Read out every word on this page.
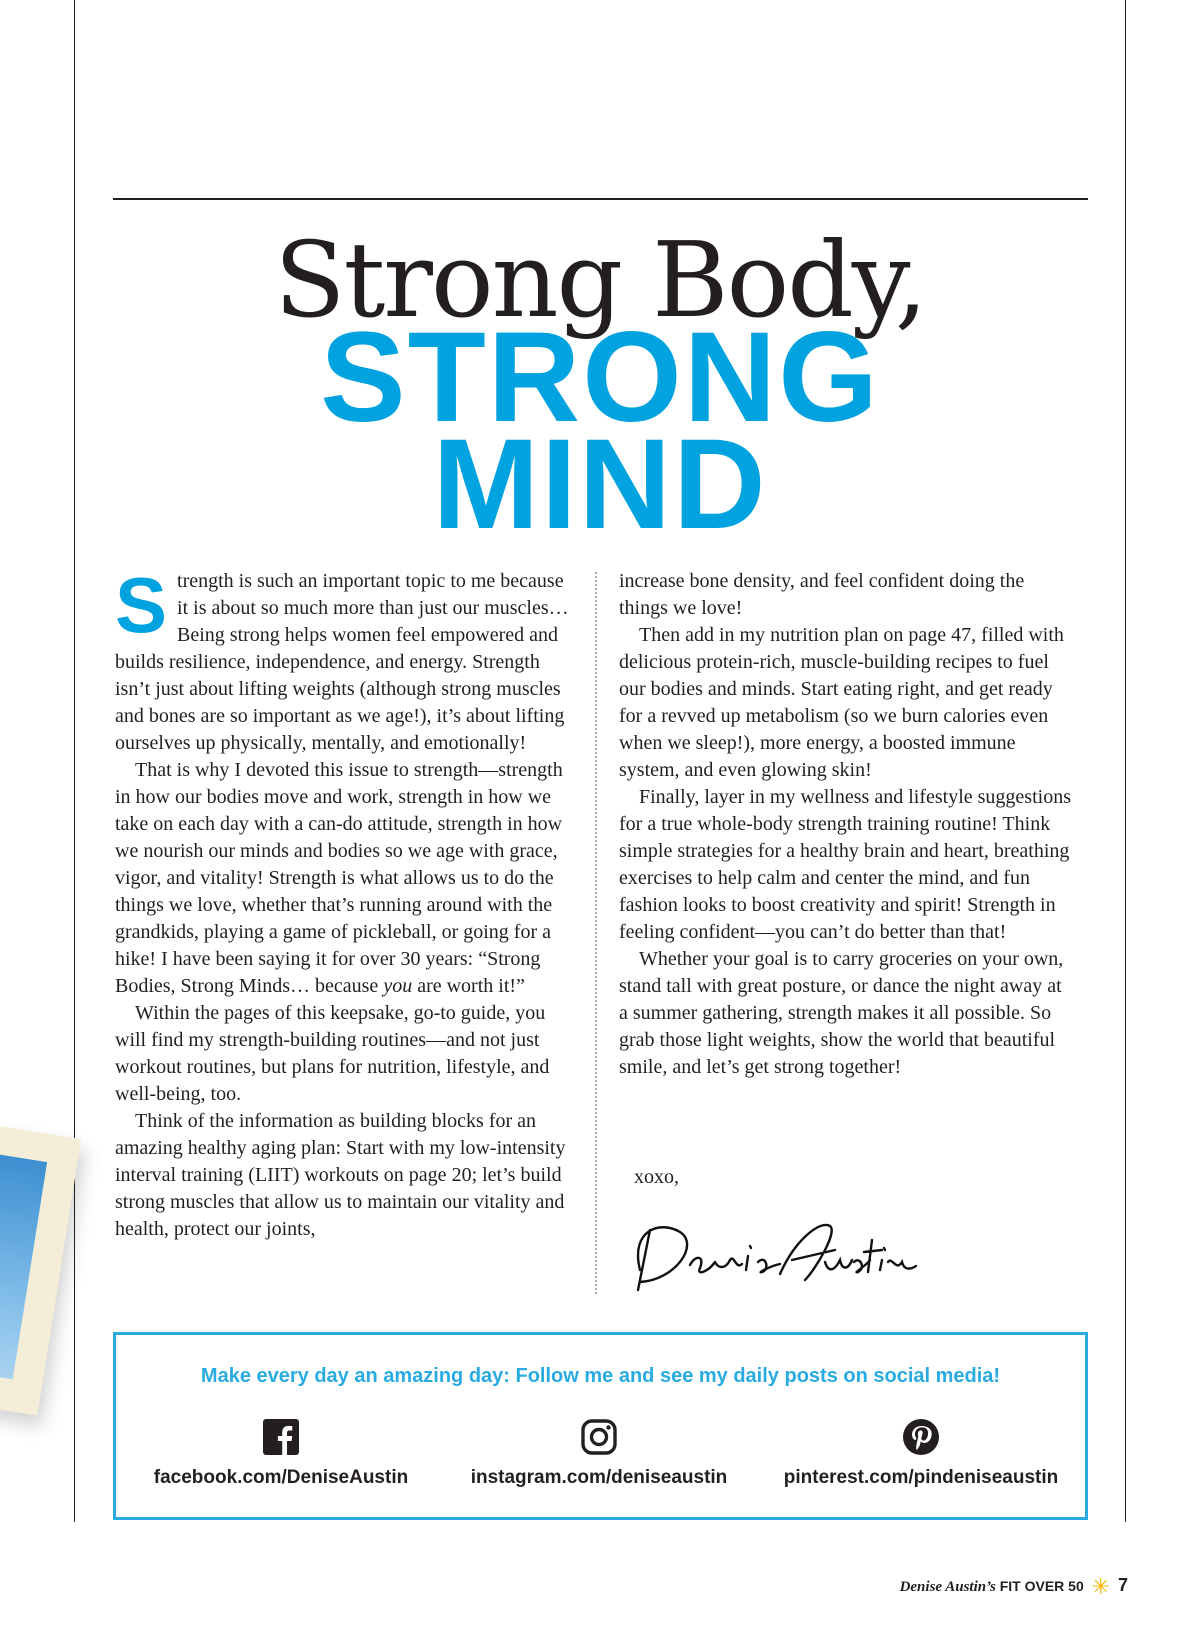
Strong Body,
STRONG
MIND

Strength is such an important topic to me because it is about so much more than just our muscles… Being strong helps women feel empowered and builds resilience, independence, and energy. Strength isn’t just about lifting weights (although strong muscles and bones are so important as we age!), it’s about lifting ourselves up physically, mentally, and emotionally!

That is why I devoted this issue to strength—strength in how our bodies move and work, strength in how we take on each day with a can-do attitude, strength in how we nourish our minds and bodies so we age with grace, vigor, and vitality! Strength is what allows us to do the things we love, whether that’s running around with the grandkids, playing a game of pickleball, or going for a hike! I have been saying it for over 30 years: “Strong Bodies, Strong Minds… because you are worth it!”

Within the pages of this keepsake, go-to guide, you will find my strength-building routines—and not just workout routines, but plans for nutrition, lifestyle, and well-being, too.

Think of the information as building blocks for an amazing healthy aging plan: Start with my low-intensity interval training (LIIT) workouts on page 20; let’s build strong muscles that allow us to maintain our vitality and health, protect our joints,

increase bone density, and feel confident doing the things we love!

Then add in my nutrition plan on page 47, filled with delicious protein-rich, muscle-building recipes to fuel our bodies and minds. Start eating right, and get ready for a revved up metabolism (so we burn calories even when we sleep!), more energy, a boosted immune system, and even glowing skin!

Finally, layer in my wellness and lifestyle suggestions for a true whole-body strength training routine! Think simple strategies for a healthy brain and heart, breathing exercises to help calm and center the mind, and fun fashion looks to boost creativity and spirit! Strength in feeling confident—you can’t do better than that!

Whether your goal is to carry groceries on your own, stand tall with great posture, or dance the night away at a summer gathering, strength makes it all possible. So grab those light weights, show the world that beautiful smile, and let’s get strong together!

xoxo,
Make every day an amazing day: Follow me and see my daily posts on social media!
facebook.com/DeniseAustin	instagram.com/deniseaustin	pinterest.com/pindeniseaustin
Denise Austin’s FIT OVER 50 ✳ 7
